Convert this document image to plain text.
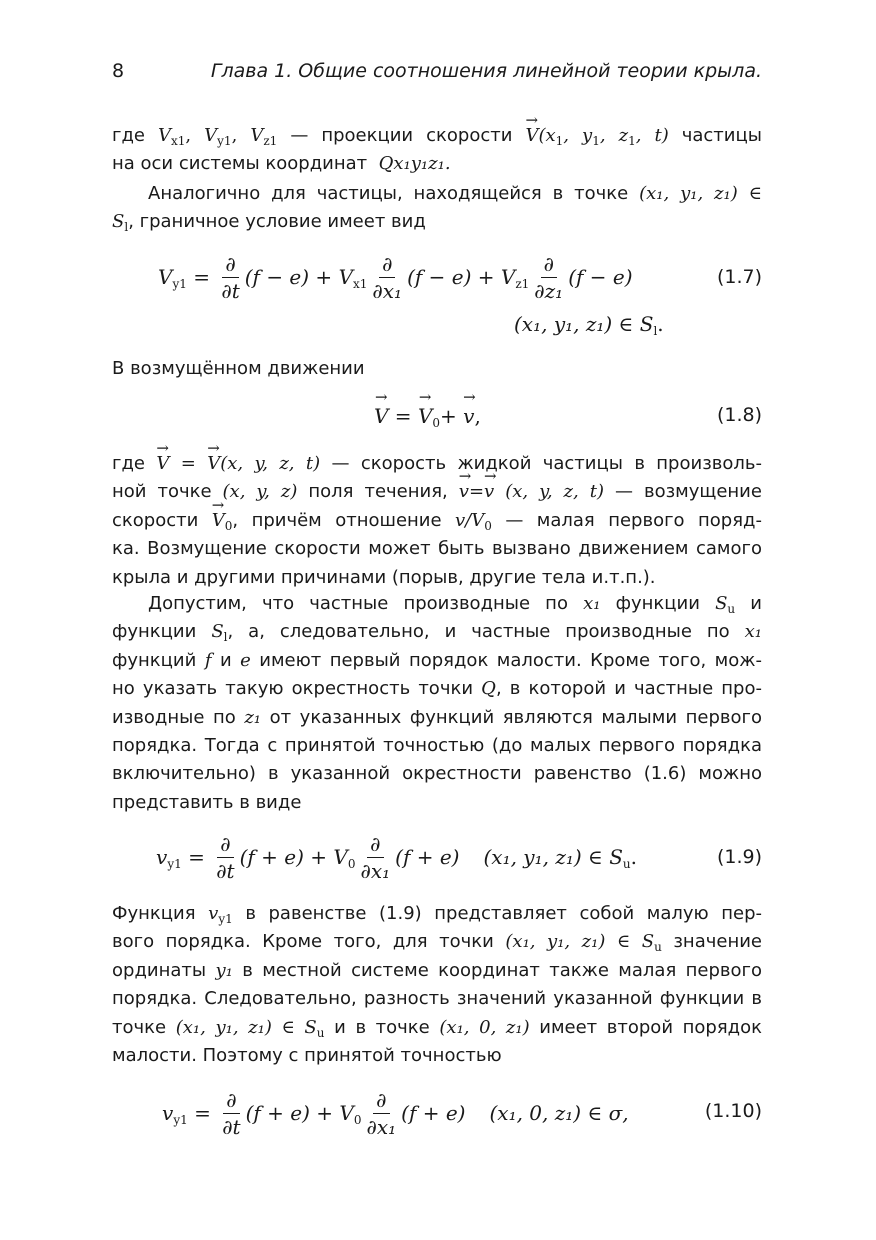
8	Глава 1. Общие соотношения линейной теории крыла.
где $V_{x1}$, $V_{y1}$, $V_{z1}$ — проекции скорости → $V(x_1$, $y_1$, $z_1$, t) частицы
на оси системы координат Qx₁y₁z₁.
Аналогично для частицы, находящейся в точке (x₁, y₁, z₁) ∈
$S_l$, граничное условие имеет вид
$V_{y1} = \frac{\partial}{\partial t} (f - e) + V_{x1} \frac{\partial}{\text{∂x₁}} (f - e) + V_{z1} \frac{\partial}{\text{∂z₁}} (f - e)$	(1.7)
(x₁, y₁, z₁) ∈ $S_l$.
В возмущённом движении
→ V = → $V_0$ + → v ,	(1.8)
где → V = → V(x, y, z, t) — скорость жидкой частицы в произволь-
ной точке (x, y, z) поля течения, → v=→ v (x, y, z, t) — возмущение
скорости → $V_0$, причём отношение $v/V_0$ — малая первого поряд-
ка. Возмущение скорости может быть вызвано движением самого
крыла и другими причинами (порыв, другие тела и.т.п.).
Допустим, что частные производные по x₁ функции $S_u$ и
функции $S_l$, а, следовательно, и частные производные по x₁
функций f и e имеют первый порядок малости. Кроме того, мож-
но указать такую окрестность точки Q, в которой и частные про-
изводные по z₁ от указанных функций являются малыми первого
порядка. Тогда с принятой точностью (до малых первого порядка
включительно) в указанной окрестности равенство (1.6) можно
представить в виде
$v_{y1} = \frac{\partial}{\partial t} (f + e) + V_0 \frac{\partial}{\text{∂x₁}} (f + e)$ (x₁, y₁, z₁) ∈ $S_u$.	(1.9)
Функция $v_{y1}$ в равенстве (1.9) представляет собой малую пер-
вого порядка. Кроме того, для точки (x₁, y₁, z₁) ∈ $S_u$ значение
ординаты y₁ в местной системе координат также малая первого
порядка. Следовательно, разность значений указанной функции в
точке (x₁, y₁, z₁) ∈ $S_u$ и в точке (x₁, 0, z₁) имеет второй порядок
малости. Поэтому с принятой точностью
$v_{y1} = \frac{\partial}{\partial t} (f + e) + V_0 \frac{\partial}{\text{∂x₁}} (f + e)$ (x₁, 0, z₁) ∈ σ,	(1.10)
